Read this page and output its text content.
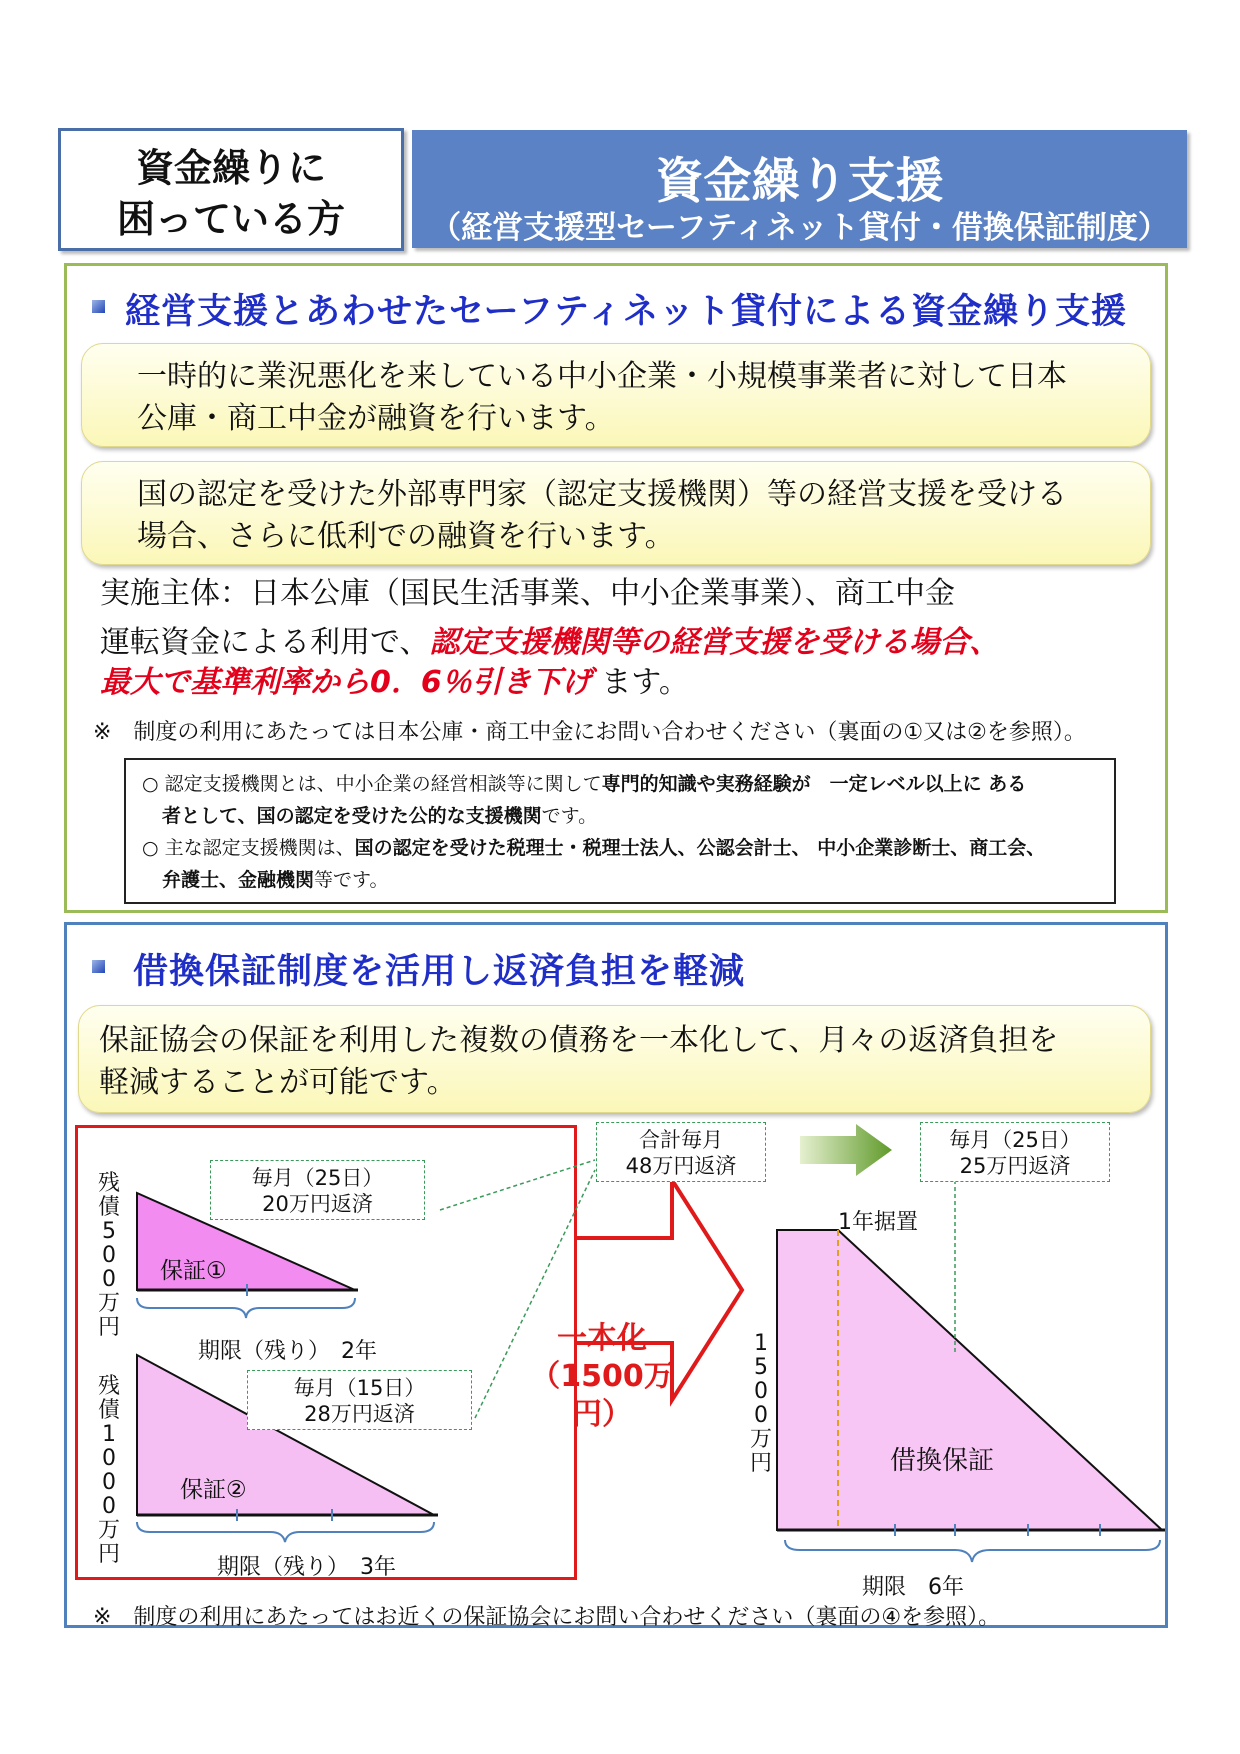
資金繰りに
困っている方
資金繰り支援
（経営支援型セーフティネット貸付・借換保証制度）
経営支援とあわせたセーフティネット貸付による資金繰り支援
一時的に業況悪化を来している中小企業・小規模事業者に対して日本
公庫・商工中金が融資を行います。
国の認定を受けた外部専門家（認定支援機関）等の経営支援を受ける
場合、さらに低利での融資を行います。
実施主体：日本公庫（国民生活事業、中小企業事業）、商工中金
運転資金による利用で、認定支援機関等の経営支援を受ける場合、
最大で基準利率から0．6％引き下げ ます。
※　制度の利用にあたっては日本公庫・商工中金にお問い合わせください（裏面の①又は②を参照）。
○ 認定支援機関とは、中小企業の経営相談等に関して専門的知識や実務経験が　一定レベル以上に ある
者として、国の認定を受けた公的な支援機関です。
○ 主な認定支援機関は、国の認定を受けた税理士・税理士法人、公認会計士、 中小企業診断士、商工会、
弁護士、金融機関等です。
借換保証制度を活用し返済負担を軽減
保証協会の保証を利用した複数の債務を一本化して、月々の返済負担を
軽減することが可能です。
残債500万円
毎月（25日）
20万円返済
保証①
期限（残り）　2年
残債1000万円
毎月（15日）
28万円返済
保証②
期限（残り）　3年
合計毎月
48万円返済
一本化
（1500万円）
毎月（25日）
25万円返済
1年据置
1500万円	借換保証
期限　6年
※　制度の利用にあたってはお近くの保証協会にお問い合わせください（裏面の④を参照）。
